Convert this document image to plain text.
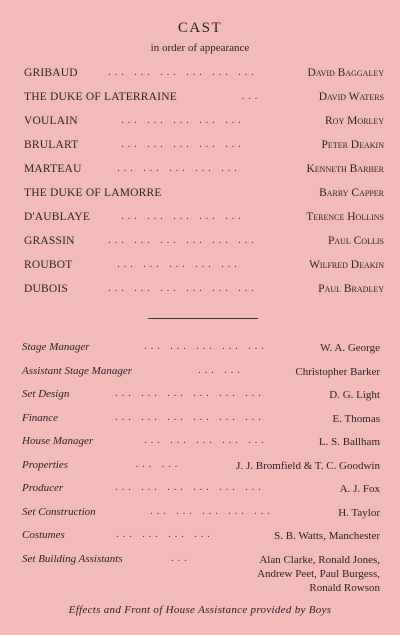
CAST
in order of appearance
GRIBAUD	... ... ... ... ... ...	David Baggaley
THE DUKE OF LATERRAINE	...	David Waters
VOULAIN	... ... ... ... ...	Roy Morley
BRULART	... ... ... ... ...	Peter Deakin
MARTEAU	... ... ... ... ...	Kenneth Barber
THE DUKE OF LAMORRE	Barry Capper
D'AUBLAYE	... ... ... ... ...	Terence Hollins
GRASSIN	... ... ... ... ... ...	Paul Collis
ROUBOT	... ... ... ... ...	Wilfred Deakin
DUBOIS	... ... ... ... ... ...	Paul Bradley
Stage Manager	... ... ... ... ...	W. A. George
Assistant Stage Manager	... ...	Christopher Barker
Set Design	... ... ... ... ... ...	D. G. Light
Finance	... ... ... ... ... ...	E. Thomas
House Manager	... ... ... ... ...	L. S. Ballham
Properties	... ...	J. J. Bromfield & T. C. Goodwin
Producer	... ... ... ... ... ...	A. J. Fox
Set Construction	... ... ... ... ...	H. Taylor
Costumes	... ... ... ...	S. B. Watts, Manchester
Set Building Assistants	...	Alan Clarke, Ronald Jones,
Andrew Peet, Paul Burgess,
Ronald Rowson
Effects and Front of House Assistance provided by Boys
